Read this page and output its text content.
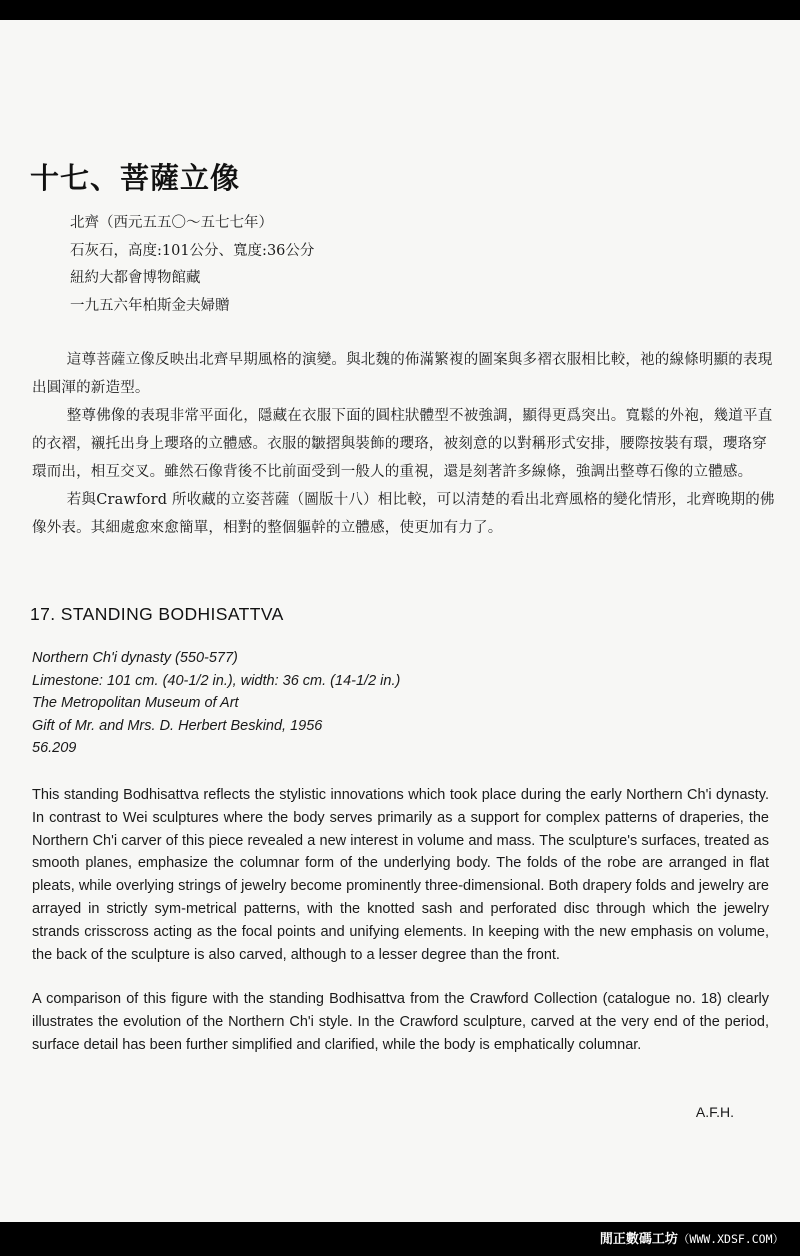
十七、菩薩立像
北齊（西元五五〇～五七七年）
石灰石，高度:101公分、寬度:36公分
紐約大都會博物館藏
一九五六年柏斯金夫婦贈

這尊菩薩立像反映出北齊早期風格的演變。與北魏的佈滿繁複的圖案與多褶衣服相比較，祂的線條明顯的表現出圓渾的新造型。

整尊佛像的表現非常平面化，隱藏在衣服下面的圓柱狀體型不被強調，顯得更爲突出。寬鬆的外袍，幾道平直的衣褶，襯托出身上瓔珞的立體感。衣服的皺摺與裝飾的瓔珞，被刻意的以對稱形式安排，腰際按裝有環，瓔珞穿環而出，相互交叉。雖然石像背後不比前面受到一般人的重視，還是刻著許多線條，強調出整尊石像的立體感。

若與Crawford 所收藏的立姿菩薩（圖版十八）相比較，可以清楚的看出北齊風格的變化情形，北齊晚期的佛像外表。其細處愈來愈簡單，相對的整個軀幹的立體感，使更加有力了。

17. STANDING BODHISATTVA
Northern Ch'i dynasty (550-577)
Limestone: 101 cm. (40-1/2 in.), width: 36 cm. (14-1/2 in.)
The Metropolitan Museum of Art
Gift of Mr. and Mrs. D. Herbert Beskind, 1956
56.209

This standing Bodhisattva reflects the stylistic innovations which took place during the early Northern Ch'i dynasty. In contrast to Wei sculptures where the body serves primarily as a support for complex patterns of draperies, the Northern Ch'i carver of this piece revealed a new interest in volume and mass. The sculpture's surfaces, treated as smooth planes, emphasize the columnar form of the underlying body. The folds of the robe are arranged in flat pleats, while overlying strings of jewelry become prominently three-dimensional. Both drapery folds and jewelry are arrayed in strictly sym-metrical patterns, with the knotted sash and perforated disc through which the jewelry strands crisscross acting as the focal points and unifying elements. In keeping with the new emphasis on volume, the back of the sculpture is also carved, although to a lesser degree than the front.

A comparison of this figure with the standing Bodhisattva from the Crawford Collection (catalogue no. 18) clearly illustrates the evolution of the Northern Ch'i style. In the Crawford sculpture, carved at the very end of the period, surface detail has been further simplified and clarified, while the body is emphatically columnar.

A.F.H.

閒正數碼工坊（WWW.XDSF.COM）
